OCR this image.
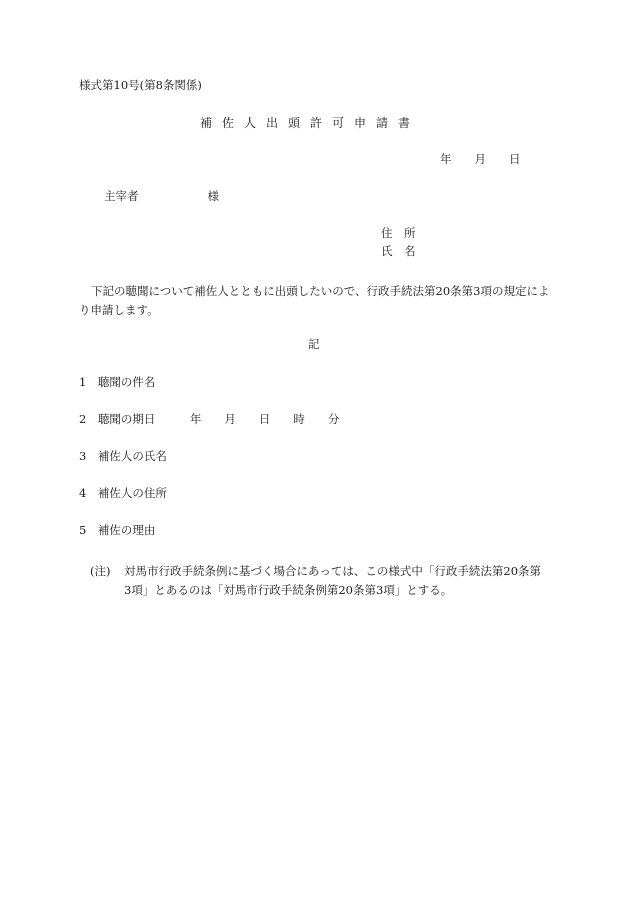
様式第10号(第8条関係)
補佐人出頭許可申請書
年　　月　　日
主宰者　　　　　　様
住　所
氏　名
下記の聴聞について補佐人とともに出頭したいので、行政手続法第20条第3項の規定により申請します。
記
1　聴聞の件名
2　聴聞の期日　　　年　　月　　日　　時　　分
3　補佐人の氏名
4　補佐人の住所
5　補佐の理由
(注) 対馬市行政手続条例に基づく場合にあっては、この様式中「行政手続法第20条第
3項」とあるのは「対馬市行政手続条例第20条第3項」とする。
